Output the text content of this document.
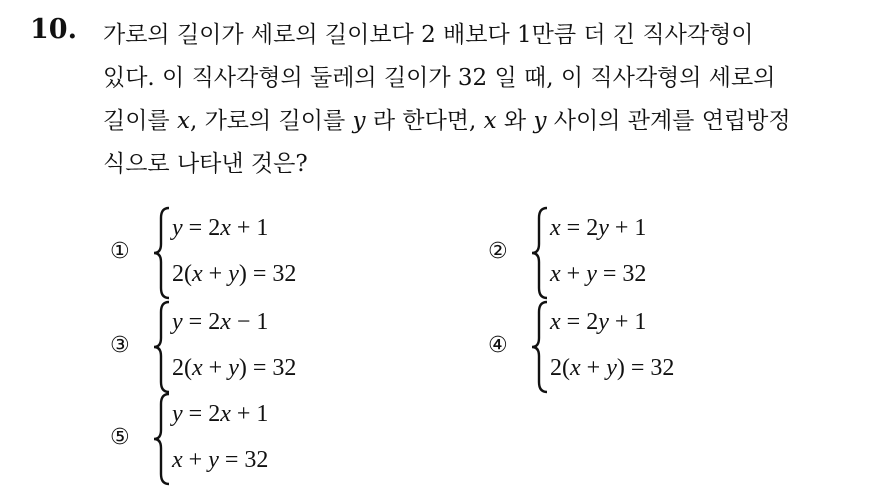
10. 가로의 길이가 세로의 길이보다 2 배보다 1만큼 더 긴 직사각형이
있다. 이 직사각형의 둘레의 길이가 32 일 때, 이 직사각형의 세로의
길이를 x, 가로의 길이를 y 라 한다면, x 와 y 사이의 관계를 연립방정
식으로 나타낸 것은?
①
y = 2x + 1
2(x + y) = 32
②
x = 2y + 1
x + y = 32
③
y = 2x − 1
2(x + y) = 32
④
x = 2y + 1
2(x + y) = 32
⑤
y = 2x + 1
x + y = 32
